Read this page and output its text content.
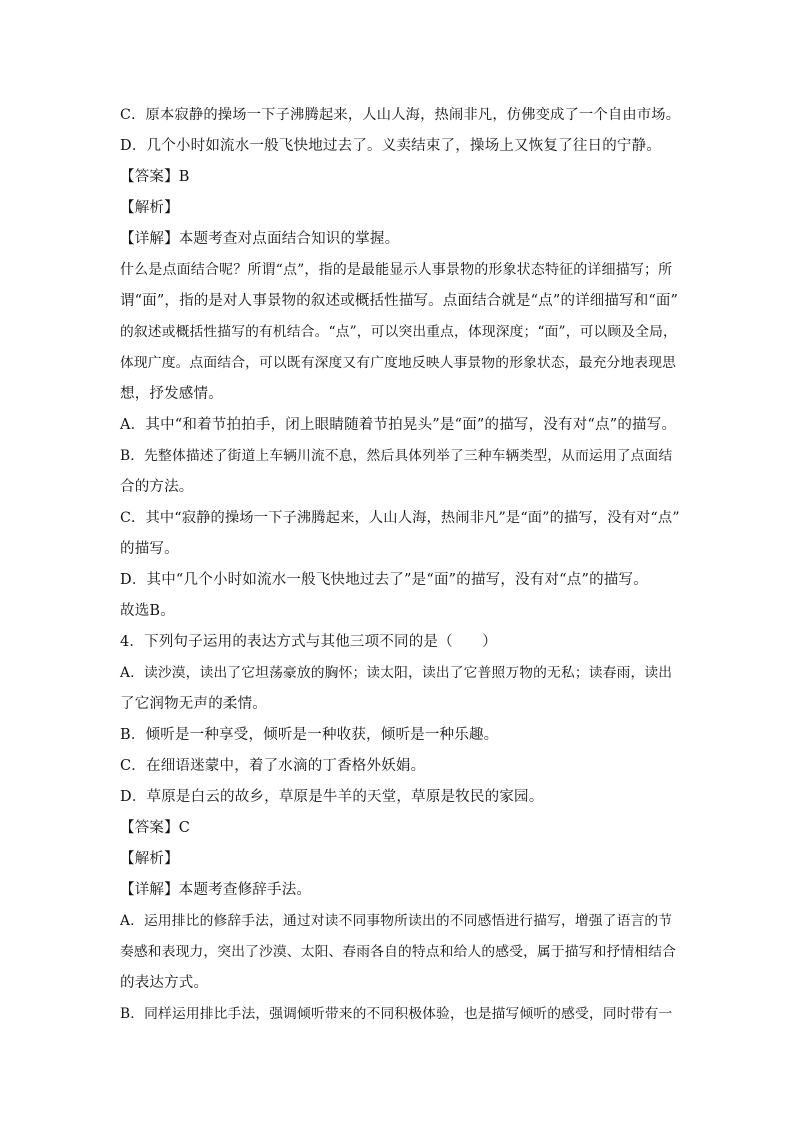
C．原本寂静的操场一下子沸腾起来，人山人海，热闹非凡，仿佛变成了一个自由市场。
D．几个小时如流水一般飞快地过去了。义卖结束了，操场上又恢复了往日的宁静。
【答案】B
【解析】
【详解】本题考查对点面结合知识的掌握。
什么是点面结合呢？所谓“点”，指的是最能显示人事景物的形象状态特征的详细描写；所
谓“面”，指的是对人事景物的叙述或概括性描写。点面结合就是“点”的详细描写和“面”
的叙述或概括性描写的有机结合。“点”，可以突出重点，体现深度；“面”，可以顾及全局，
体现广度。点面结合，可以既有深度又有广度地反映人事景物的形象状态，最充分地表现思
想，抒发感情。
A．其中“和着节拍拍手，闭上眼睛随着节拍晃头”是“面”的描写，没有对“点”的描写。
B．先整体描述了街道上车辆川流不息，然后具体列举了三种车辆类型，从而运用了点面结
合的方法。
C．其中“寂静的操场一下子沸腾起来，人山人海，热闹非凡”是“面”的描写，没有对“点”
的描写。
D．其中“几个小时如流水一般飞快地过去了”是“面”的描写，没有对“点”的描写。
故选B。
4．下列句子运用的表达方式与其他三项不同的是（　　）
A．读沙漠，读出了它坦荡豪放的胸怀；读太阳，读出了它普照万物的无私；读春雨，读出
了它润物无声的柔情。
B．倾听是一种享受，倾听是一种收获，倾听是一种乐趣。
C．在细语迷蒙中，着了水滴的丁香格外妖娟。
D．草原是白云的故乡，草原是牛羊的天堂，草原是牧民的家园。
【答案】C
【解析】
【详解】本题考查修辞手法。
A．运用排比的修辞手法，通过对读不同事物所读出的不同感悟进行描写，增强了语言的节
奏感和表现力，突出了沙漠、太阳、春雨各自的特点和给人的感受，属于描写和抒情相结合
的表达方式。
B．同样运用排比手法，强调倾听带来的不同积极体验，也是描写倾听的感受，同时带有一
